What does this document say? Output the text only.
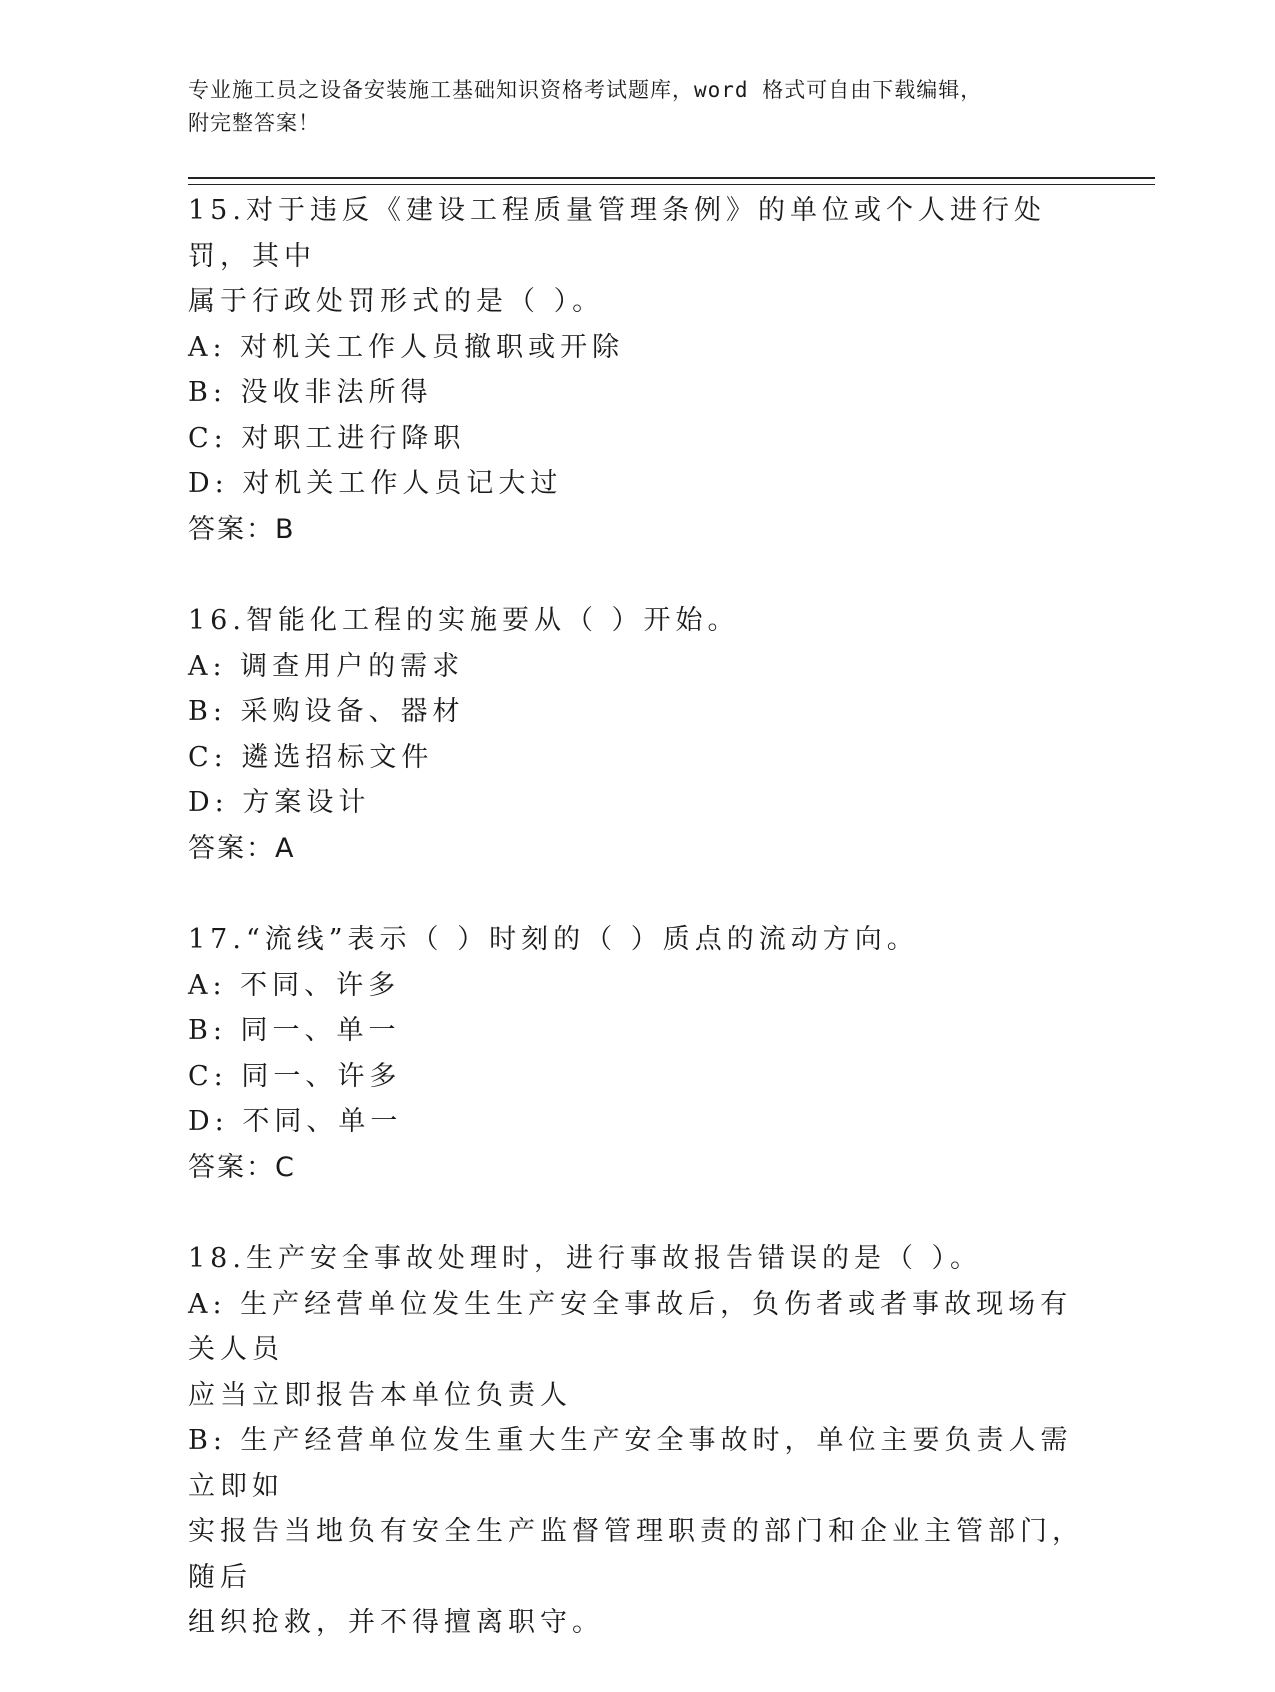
专业施工员之设备安装施工基础知识资格考试题库，word 格式可自由下载编辑，
附完整答案！
15.对于违反《建设工程质量管理条例》的单位或个人进行处罚，其中
属于行政处罚形式的是（ ）。
A: 对机关工作人员撤职或开除
B: 没收非法所得
C: 对职工进行降职
D: 对机关工作人员记大过
答案：B
16.智能化工程的实施要从（ ）开始。
A: 调查用户的需求
B: 采购设备、器材
C: 遴选招标文件
D: 方案设计
答案：A
17.“流线”表示（ ）时刻的（ ）质点的流动方向。
A: 不同、许多
B: 同一、单一
C: 同一、许多
D: 不同、单一
答案：C
18.生产安全事故处理时，进行事故报告错误的是（ ）。
A: 生产经营单位发生生产安全事故后，负伤者或者事故现场有关人员
应当立即报告本单位负责人
B: 生产经营单位发生重大生产安全事故时，单位主要负责人需立即如
实报告当地负有安全生产监督管理职责的部门和企业主管部门，随后
组织抢救，并不得擅离职守。
